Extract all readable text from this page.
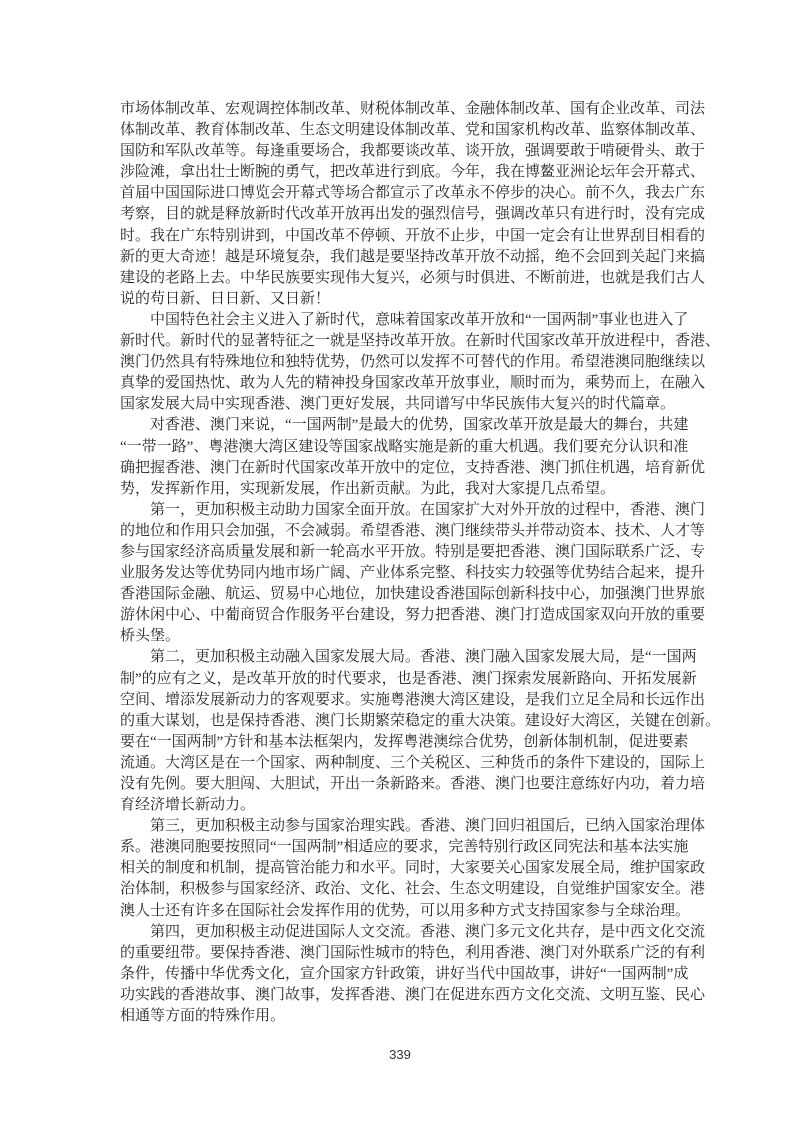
市场体制改革、宏观调控体制改革、财税体制改革、金融体制改革、国有企业改革、司法
体制改革、教育体制改革、生态文明建设体制改革、党和国家机构改革、监察体制改革、
国防和军队改革等。每逢重要场合，我都要谈改革、谈开放，强调要敢于啃硬骨头、敢于
涉险滩，拿出壮士断腕的勇气，把改革进行到底。今年，我在博鳌亚洲论坛年会开幕式、
首届中国国际进口博览会开幕式等场合都宣示了改革永不停步的决心。前不久，我去广东
考察，目的就是释放新时代改革开放再出发的强烈信号，强调改革只有进行时，没有完成
时。我在广东特别讲到，中国改革不停顿、开放不止步，中国一定会有让世界刮目相看的
新的更大奇迹！越是环境复杂，我们越是要坚持改革开放不动摇，绝不会回到关起门来搞
建设的老路上去。中华民族要实现伟大复兴，必须与时俱进、不断前进，也就是我们古人
说的苟日新、日日新、又日新！
中国特色社会主义进入了新时代，意味着国家改革开放和“一国两制”事业也进入了
新时代。新时代的显著特征之一就是坚持改革开放。在新时代国家改革开放进程中，香港、
澳门仍然具有特殊地位和独特优势，仍然可以发挥不可替代的作用。希望港澳同胞继续以
真挚的爱国热忱、敢为人先的精神投身国家改革开放事业，顺时而为，乘势而上，在融入
国家发展大局中实现香港、澳门更好发展，共同谱写中华民族伟大复兴的时代篇章。
对香港、澳门来说，“一国两制”是最大的优势，国家改革开放是最大的舞台，共建
“一带一路”、粤港澳大湾区建设等国家战略实施是新的重大机遇。我们要充分认识和准
确把握香港、澳门在新时代国家改革开放中的定位，支持香港、澳门抓住机遇，培育新优
势，发挥新作用，实现新发展，作出新贡献。为此，我对大家提几点希望。
第一，更加积极主动助力国家全面开放。在国家扩大对外开放的过程中，香港、澳门
的地位和作用只会加强，不会减弱。希望香港、澳门继续带头并带动资本、技术、人才等
参与国家经济高质量发展和新一轮高水平开放。特别是要把香港、澳门国际联系广泛、专
业服务发达等优势同内地市场广阔、产业体系完整、科技实力较强等优势结合起来，提升
香港国际金融、航运、贸易中心地位，加快建设香港国际创新科技中心，加强澳门世界旅
游休闲中心、中葡商贸合作服务平台建设，努力把香港、澳门打造成国家双向开放的重要
桥头堡。
第二，更加积极主动融入国家发展大局。香港、澳门融入国家发展大局，是“一国两
制”的应有之义，是改革开放的时代要求，也是香港、澳门探索发展新路向、开拓发展新
空间、增添发展新动力的客观要求。实施粤港澳大湾区建设，是我们立足全局和长远作出
的重大谋划，也是保持香港、澳门长期繁荣稳定的重大决策。建设好大湾区，关键在创新。
要在“一国两制”方针和基本法框架内，发挥粤港澳综合优势，创新体制机制，促进要素
流通。大湾区是在一个国家、两种制度、三个关税区、三种货币的条件下建设的，国际上
没有先例。要大胆闯、大胆试，开出一条新路来。香港、澳门也要注意练好内功，着力培
育经济增长新动力。
第三，更加积极主动参与国家治理实践。香港、澳门回归祖国后，已纳入国家治理体
系。港澳同胞要按照同“一国两制”相适应的要求，完善特别行政区同宪法和基本法实施
相关的制度和机制，提高管治能力和水平。同时，大家要关心国家发展全局，维护国家政
治体制，积极参与国家经济、政治、文化、社会、生态文明建设，自觉维护国家安全。港
澳人士还有许多在国际社会发挥作用的优势，可以用多种方式支持国家参与全球治理。
第四，更加积极主动促进国际人文交流。香港、澳门多元文化共存，是中西文化交流
的重要纽带。要保持香港、澳门国际性城市的特色，利用香港、澳门对外联系广泛的有利
条件，传播中华优秀文化，宣介国家方针政策，讲好当代中国故事，讲好“一国两制”成
功实践的香港故事、澳门故事，发挥香港、澳门在促进东西方文化交流、文明互鉴、民心
相通等方面的特殊作用。
339
